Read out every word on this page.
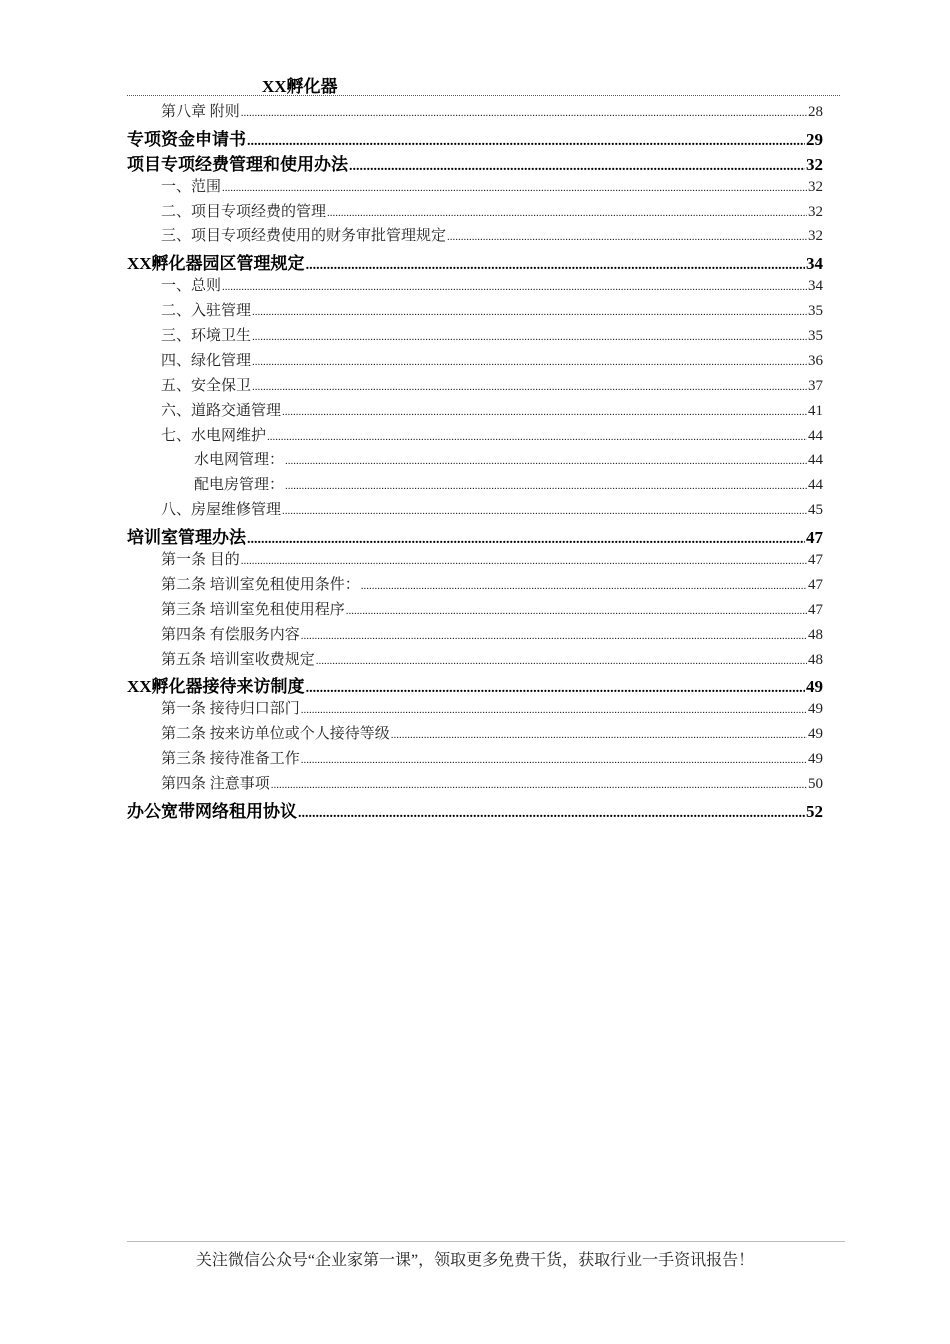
XX孵化器
第八章 附则 .....	28
专项资金申请书 .....	29
项目专项经费管理和使用办法 .....	32
一、范围 .....	32
二、项目专项经费的管理 .....	32
三、项目专项经费使用的财务审批管理规定 .....	32
XX孵化器园区管理规定 .....	34
一、总则 .....	34
二、入驻管理 .....	35
三、环境卫生 .....	35
四、绿化管理 .....	36
五、安全保卫 .....	37
六、道路交通管理 .....	41
七、水电网维护 .....	44
水电网管理： .....	44
配电房管理： .....	44
八、房屋维修管理 .....	45
培训室管理办法 .....	47
第一条 目的 .....	47
第二条 培训室免租使用条件： .....	47
第三条 培训室免租使用程序 .....	47
第四条 有偿服务内容 .....	48
第五条 培训室收费规定 .....	48
XX孵化器接待来访制度 .....	49
第一条 接待归口部门 .....	49
第二条 按来访单位或个人接待等级 .....	49
第三条 接待准备工作 .....	49
第四条 注意事项 .....	50
办公宽带网络租用协议 .....	52
关注微信公众号“企业家第一课”，领取更多免费干货，获取行业一手资讯报告！
